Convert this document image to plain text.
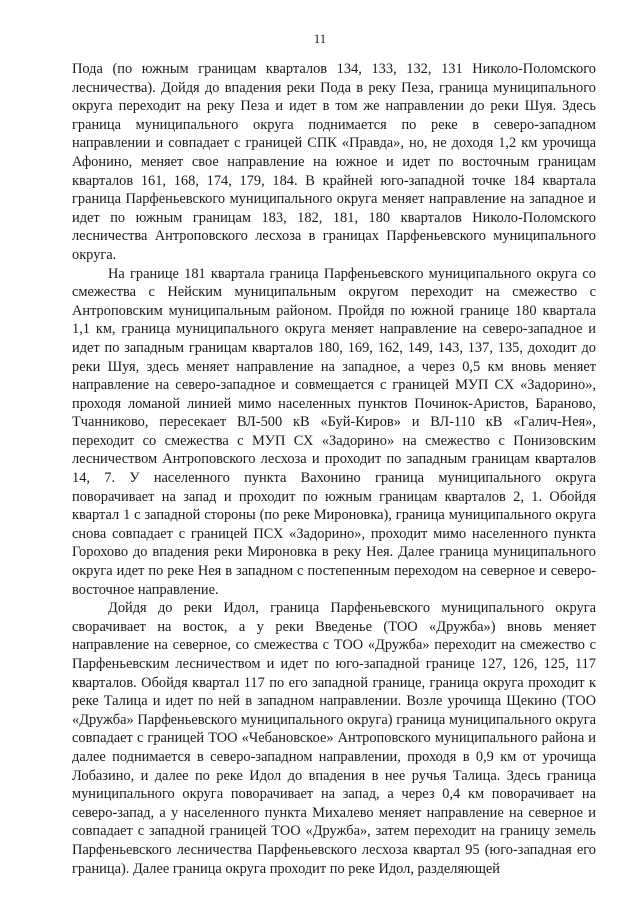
11

Пода (по южным границам кварталов 134, 133, 132, 131 Николо-Поломского лесничества). Дойдя до впадения реки Пода в реку Пеза, граница муниципального округа переходит на реку Пеза и идет в том же направлении до реки Шуя. Здесь граница муниципального округа поднимается по реке в северо-западном направлении и совпадает с границей СПК «Правда», но, не доходя 1,2 км урочища Афонино, меняет свое направление на южное и идет по восточным границам кварталов 161, 168, 174, 179, 184. В крайней юго-западной точке 184 квартала граница Парфеньевского муниципального округа меняет направление на западное и идет по южным границам 183, 182, 181, 180 кварталов Николо-Поломского лесничества Антроповского лесхоза в границах Парфеньевского муниципального округа.

На границе 181 квартала граница Парфеньевского муниципального округа со смежества с Нейским муниципальным округом переходит на смежество с Антроповским муниципальным районом. Пройдя по южной границе 180 квартала 1,1 км, граница муниципального округа меняет направление на северо-западное и идет по западным границам кварталов 180, 169, 162, 149, 143, 137, 135, доходит до реки Шуя, здесь меняет направление на западное, а через 0,5 км вновь меняет направление на северо-западное и совмещается с границей МУП СХ «Задорино», проходя ломаной линией мимо населенных пунктов Починок-Аристов, Бараново, Тчанниково, пересекает ВЛ-500 кВ «Буй-Киров» и ВЛ-110 кВ «Галич-Нея», переходит со смежества с МУП СХ «Задорино» на смежество с Понизовским лесничеством Антроповского лесхоза и проходит по западным границам кварталов 14, 7. У населенного пункта Вахонино граница муниципального округа поворачивает на запад и проходит по южным границам кварталов 2, 1. Обойдя квартал 1 с западной стороны (по реке Мироновка), граница муниципального округа снова совпадает с границей ПСХ «Задорино», проходит мимо населенного пункта Горохово до впадения реки Мироновка в реку Нея. Далее граница муниципального округа идет по реке Нея в западном с постепенным переходом на северное и северо-восточное направление.

Дойдя до реки Идол, граница Парфеньевского муниципального округа сворачивает на восток, а у реки Введенье (ТОО «Дружба») вновь меняет направление на северное, со смежества с ТОО «Дружба» переходит на смежество с Парфеньевским лесничеством и идет по юго-западной границе 127, 126, 125, 117 кварталов. Обойдя квартал 117 по его западной границе, граница округа проходит к реке Талица и идет по ней в западном направлении. Возле урочища Щекино (ТОО «Дружба» Парфеньевского муниципального округа) граница муниципального округа совпадает с границей ТОО «Чебановское» Антроповского муниципального района и далее поднимается в северо-западном направлении, проходя в 0,9 км от урочища Лобазино, и далее по реке Идол до впадения в нее ручья Талица. Здесь граница муниципального округа поворачивает на запад, а через 0,4 км поворачивает на северо-запад, а у населенного пункта Михалево меняет направление на северное и совпадает с западной границей ТОО «Дружба», затем переходит на границу земель Парфеньевского лесничества Парфеньевского лесхоза квартал 95 (юго-западная его граница). Далее граница округа проходит по реке Идол, разделяющей
